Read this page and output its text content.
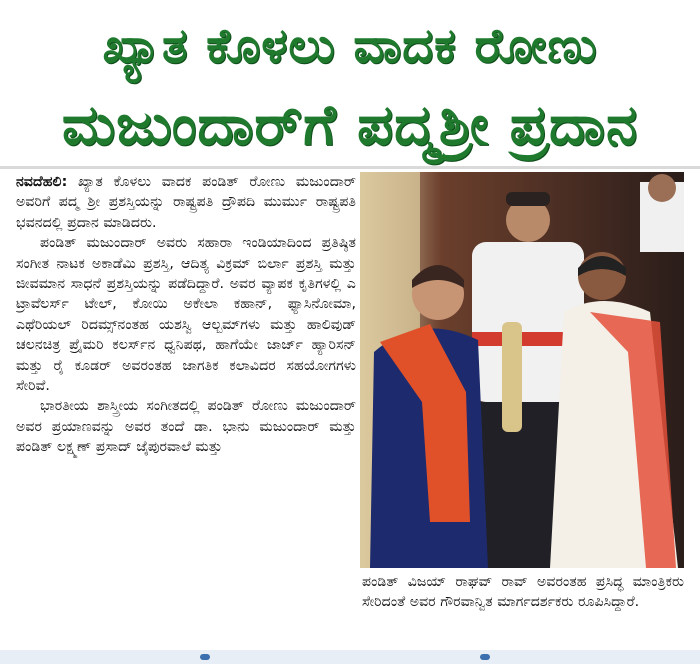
ಖ್ಯಾತ ಕೊಳಲು ವಾದಕ ರೋಣು
ಮಜುಂದಾರ್‌ಗೆ ಪದ್ಮಶ್ರೀ ಪ್ರದಾನ

ನವದೆಹಲಿ: ಖ್ಯಾತ ಕೊಳಲು ವಾದಕ ಪಂಡಿತ್ ರೋಣು ಮಜುಂದಾರ್ ಅವರಿಗೆ ಪದ್ಮ ಶ್ರೀ ಪ್ರಶಸ್ತಿಯನ್ನು ರಾಷ್ಟ್ರಪತಿ ದ್ರೌಪದಿ ಮುರ್ಮು ರಾಷ್ಟ್ರಪತಿ ಭವನದಲ್ಲಿ ಪ್ರದಾನ ಮಾಡಿದರು.

ಪಂಡಿತ್ ಮಜುಂದಾರ್ ಅವರು ಸಹಾರಾ ಇಂಡಿಯಾದಿಂದ ಪ್ರತಿಷ್ಠಿತ ಸಂಗೀತ ನಾಟಕ ಅಕಾಡೆಮಿ ಪ್ರಶಸ್ತಿ, ಆದಿತ್ಯ ವಿಕ್ರಮ್ ಬಿರ್ಲಾ ಪ್ರಶಸ್ತಿ ಮತ್ತು ಜೀವಮಾನ ಸಾಧನೆ ಪ್ರಶಸ್ತಿಯನ್ನು ಪಡೆದಿದ್ದಾರೆ. ಅವರ ವ್ಯಾಪಕ ಕೃತಿಗಳಲ್ಲಿ ಎ ಟ್ರಾವೆಲರ್ಸ್ ಟೇಲ್, ಕೋಯಿ ಅಕೇಲಾ ಕಹಾನ್, ಫ್ಯಾಸಿನೋಮಾ, ಎಥೆರಿಯಲ್ ರಿದಮ್ಸ್‌ನಂತಹ ಯಶಸ್ವಿ ಆಲ್ಬಮ್‌ಗಳು ಮತ್ತು ಹಾಲಿವುಡ್ ಚಲನಚಿತ್ರ ಪ್ರೈಮರಿ ಕಲರ್ಸ್‌ನ ಧ್ವನಿಪಥ, ಹಾಗೆಯೇ ಜಾರ್ಜ್ ಹ್ಯಾರಿಸನ್ ಮತ್ತು ರೈ ಕೂಡರ್ ಅವರಂತಹ ಜಾಗತಿಕ ಕಲಾವಿದರ ಸಹಯೋಗಗಳು ಸೇರಿವೆ.

ಭಾರತೀಯ ಶಾಸ್ತ್ರೀಯ ಸಂಗೀತದಲ್ಲಿ ಪಂಡಿತ್ ರೋಣು ಮಜುಂದಾರ್ ಅವರ ಪ್ರಯಾಣವನ್ನು ಅವರ ತಂದೆ ಡಾ. ಭಾನು ಮಜುಂದಾರ್ ಮತ್ತು ಪಂಡಿತ್ ಲಕ್ಷ್ಮಣ್ ಪ್ರಸಾದ್ ಜೈಪುರವಾಲೆ ಮತ್ತು

ಪಂಡಿತ್ ವಿಜಯ್ ರಾಘವ್ ರಾವ್ ಅವರಂತಹ ಪ್ರಸಿದ್ಧ ಮಾಂತ್ರಿಕರು ಸೇರಿದಂತೆ ಅವರ ಗೌರವಾನ್ವಿತ ಮಾರ್ಗದರ್ಶಕರು ರೂಪಿಸಿದ್ದಾರೆ.
